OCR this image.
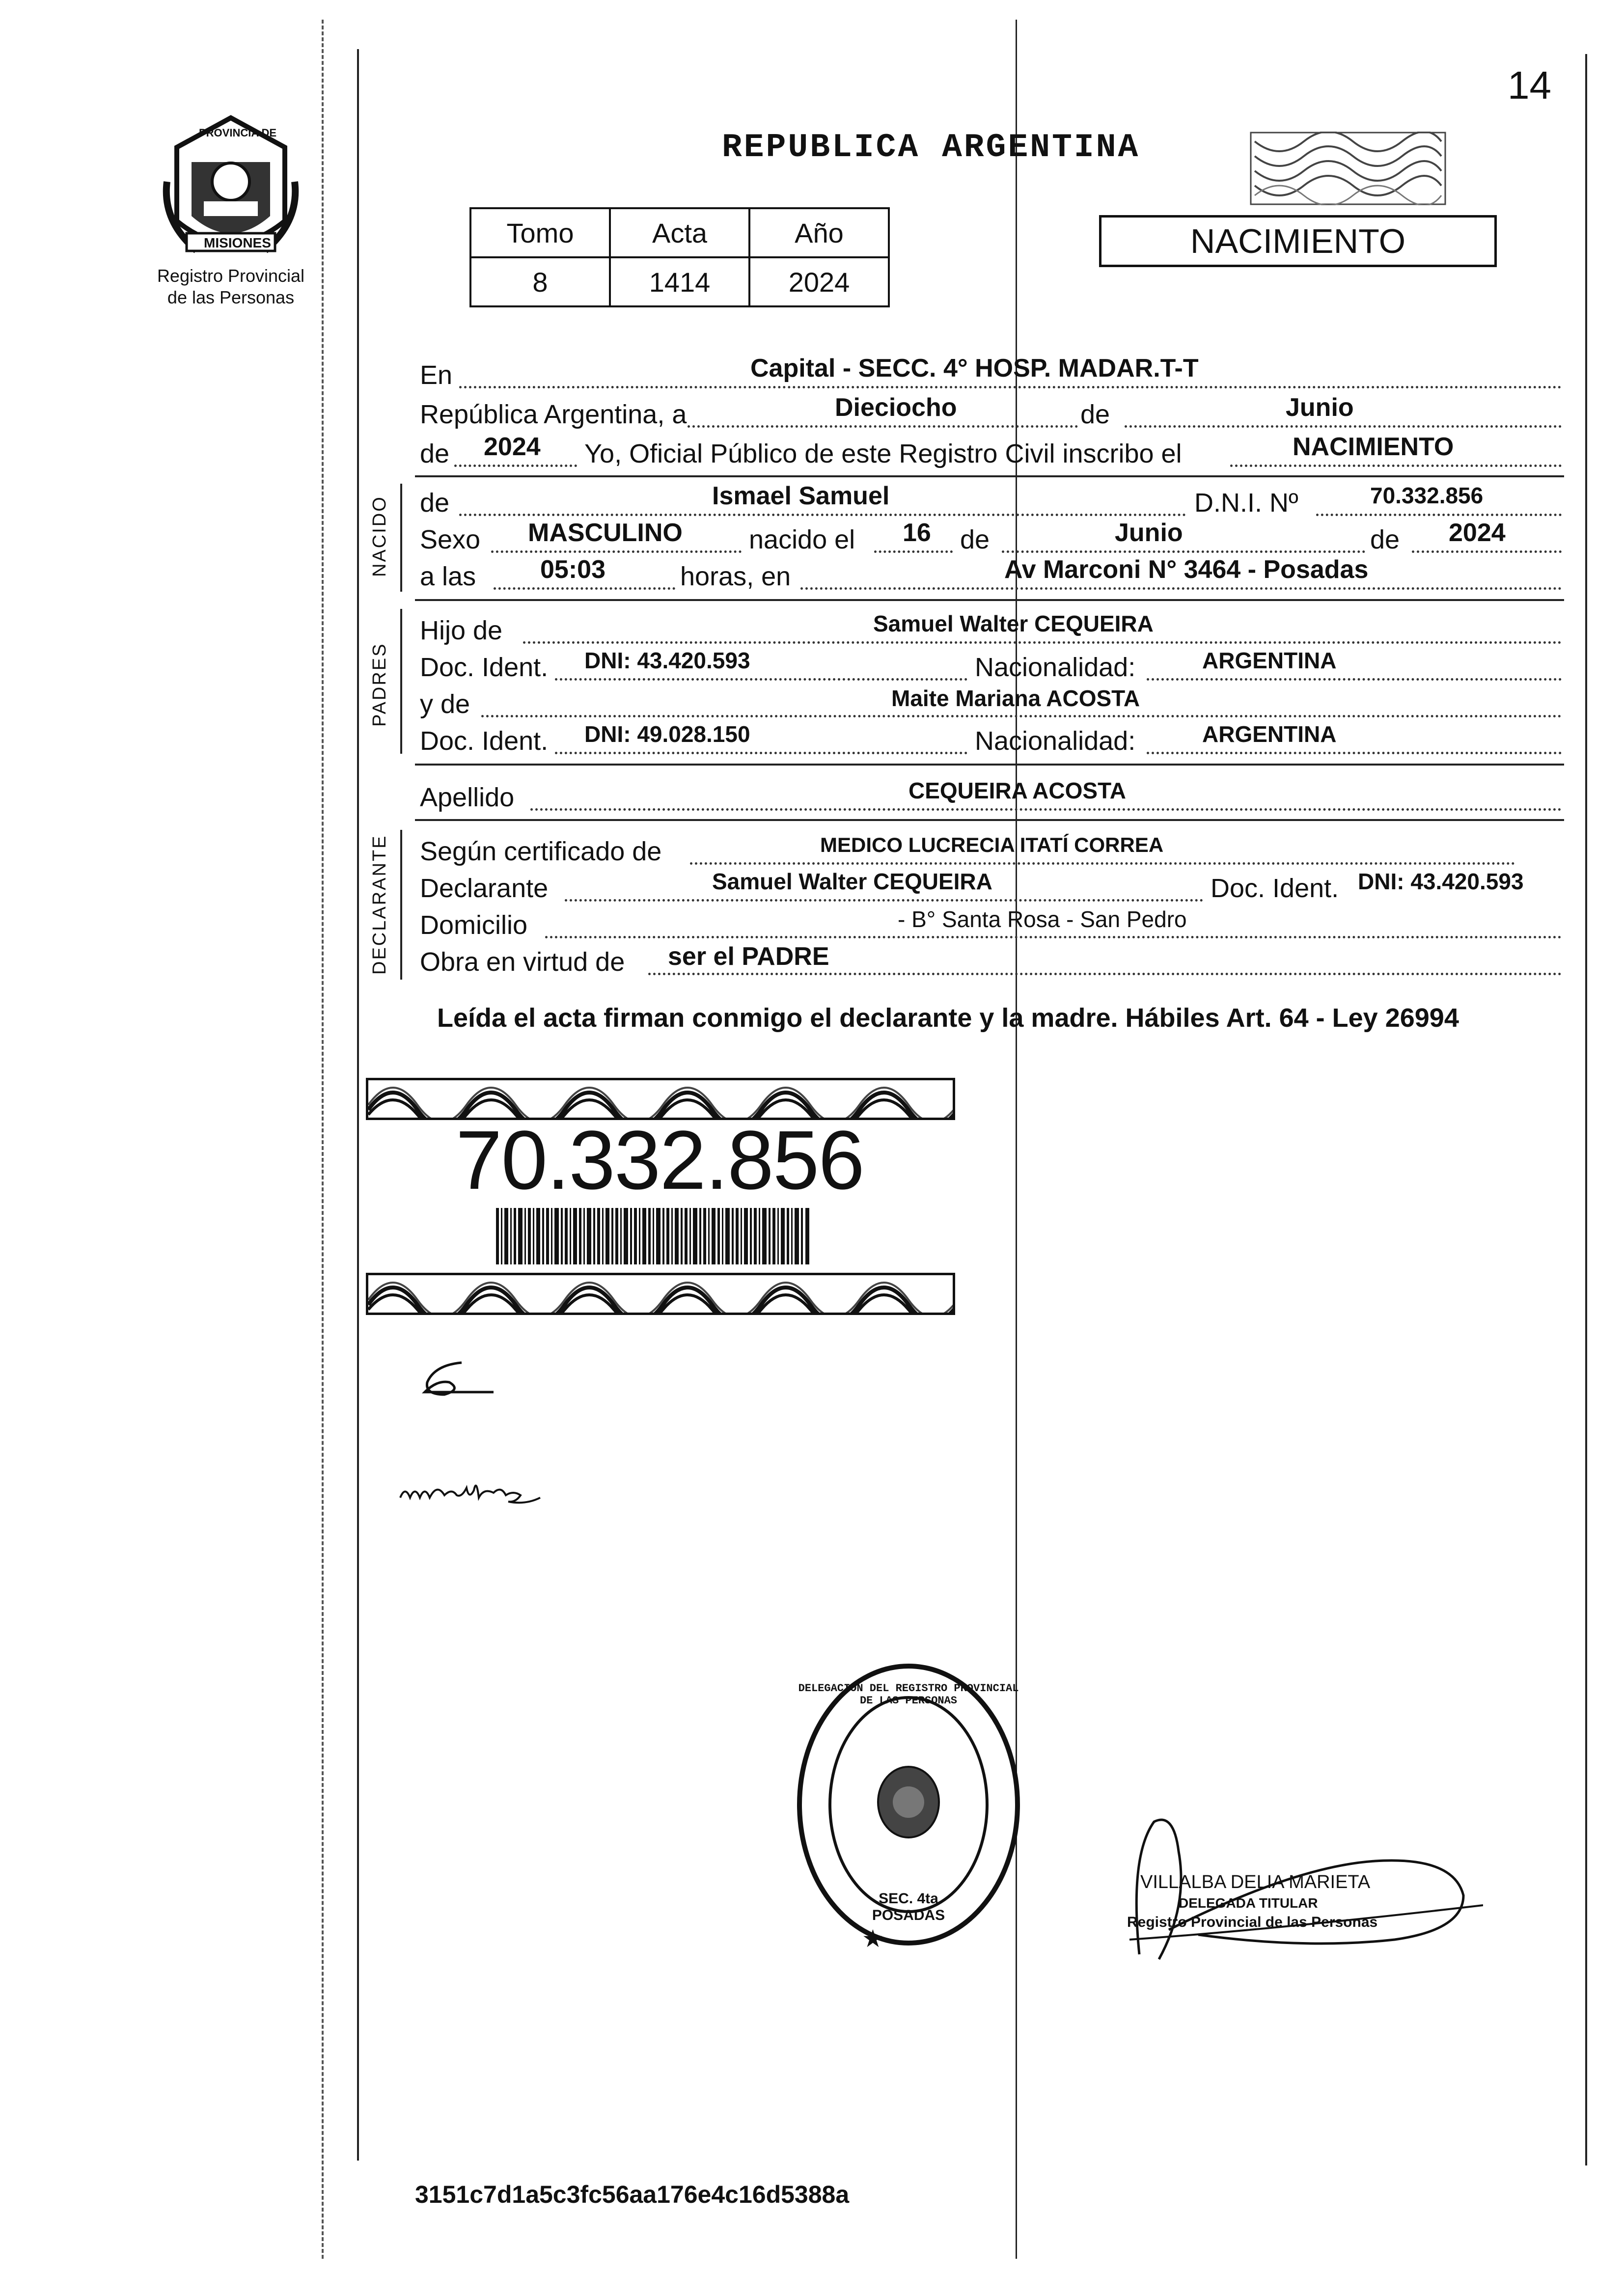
14
PROVINCIA DE
MISIONES
Registro Provincial
de las Personas
REPUBLICA ARGENTINA
Tomo	Acta	Año
8	1414	2024
NACIMIENTO
En	Capital - SECC. 4° HOSP. MADAR.T-T
República Argentina, a	Dieciocho	de	Junio
de 2024 Yo, Oficial Público de este Registro Civil inscribo el	NACIMIENTO
NACIDO de	Ismael Samuel	D.N.I. Nº	70.332.856
Sexo MASCULINO	nacido el 16 de	Junio	de 2024
a las	05:03	horas, en	Av Marconi N° 3464 - Posadas
PADRES
Hijo de	Samuel Walter CEQUEIRA
Doc. Ident. DNI: 43.420.593	Nacionalidad:	ARGENTINA
y de	Maite Mariana ACOSTA
Doc. Ident. DNI: 49.028.150	Nacionalidad:	ARGENTINA
Apellido	CEQUEIRA ACOSTA
DECLARANTE Según certificado de	MEDICO LUCRECIA ITATÍ CORREA
Declarante	Samuel Walter CEQUEIRA	Doc. Ident. DNI: 43.420.593
Domicilio	- B° Santa Rosa - San Pedro
Obra en virtud de ser el PADRE
Leída el acta firman conmigo el declarante y la madre. Hábiles Art. 64 - Ley 26994
70.332.856
★
DELEGACION DEL REGISTRO PROVINCIAL DE LAS PERSONAS
SEC. 4ta POSADAS
VILLALBA DELIA MARIETA
DELEGADA TITULAR
Registro Provincial de las Personas
3151c7d1a5c3fc56aa176e4c16d5388a
